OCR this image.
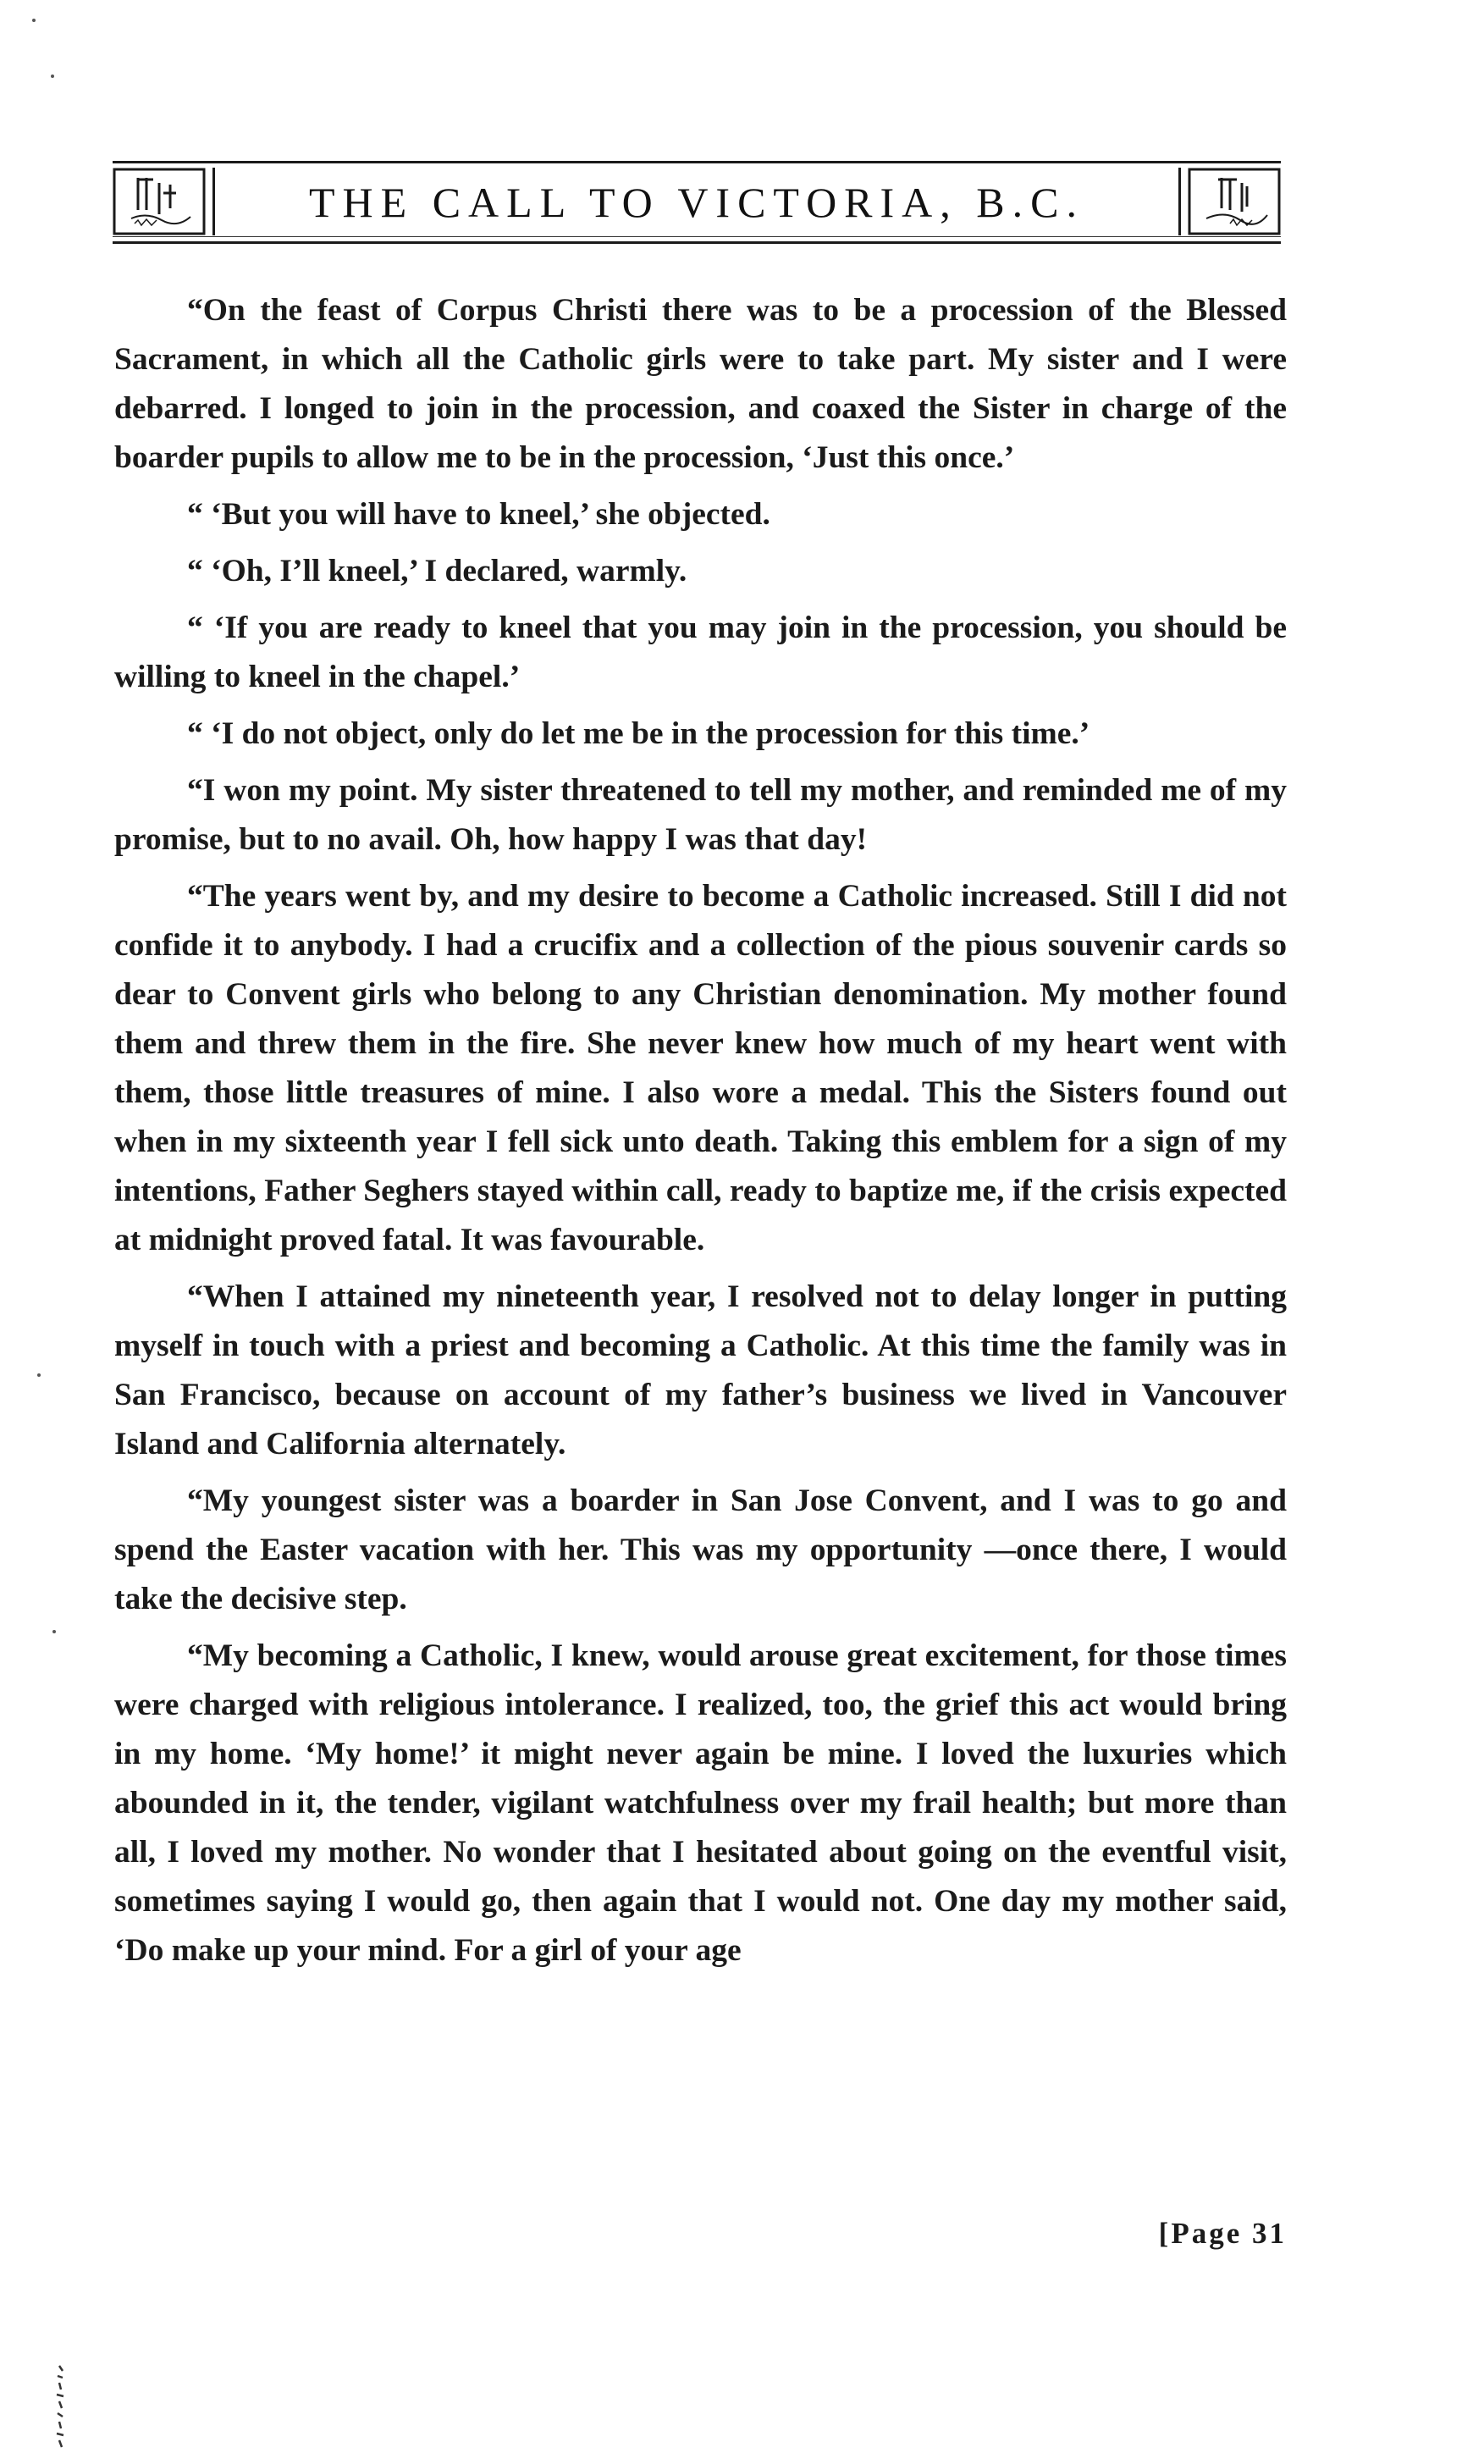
THE CALL TO VICTORIA, B.C.

“On the feast of Corpus Christi there was to be a procession of the Blessed Sacrament, in which all the Catholic girls were to take part. My sister and I were debarred. I longed to join in the procession, and coaxed the Sister in charge of the boarder pupils to allow me to be in the procession, ‘Just this once.’

“ ‘But you will have to kneel,’ she objected.

“ ‘Oh, I’ll kneel,’ I declared, warmly.

“ ‘If you are ready to kneel that you may join in the procession, you should be willing to kneel in the chapel.’

“ ‘I do not object, only do let me be in the procession for this time.’

“I won my point. My sister threatened to tell my mother, and reminded me of my promise, but to no avail. Oh, how happy I was that day!

“The years went by, and my desire to become a Catholic increased. Still I did not confide it to anybody. I had a crucifix and a collection of the pious souvenir cards so dear to Convent girls who belong to any Christian denomination. My mother found them and threw them in the fire. She never knew how much of my heart went with them, those little treasures of mine. I also wore a medal. This the Sisters found out when in my sixteenth year I fell sick unto death. Taking this emblem for a sign of my intentions, Father Seghers stayed within call, ready to baptize me, if the crisis expected at midnight proved fatal. It was favourable.

“When I attained my nineteenth year, I resolved not to delay longer in putting myself in touch with a priest and becoming a Catholic. At this time the family was in San Francisco, because on account of my father’s business we lived in Vancouver Island and California alternately.

“My youngest sister was a boarder in San Jose Convent, and I was to go and spend the Easter vacation with her. This was my opportunity —once there, I would take the decisive step.

“My becoming a Catholic, I knew, would arouse great excitement, for those times were charged with religious intolerance. I realized, too, the grief this act would bring in my home. ‘My home!’ it might never again be mine. I loved the luxuries which abounded in it, the tender, vigilant watchfulness over my frail health; but more than all, I loved my mother. No wonder that I hesitated about going on the eventful visit, sometimes saying I would go, then again that I would not. One day my mother said, ‘Do make up your mind. For a girl of your age

[Page 31
